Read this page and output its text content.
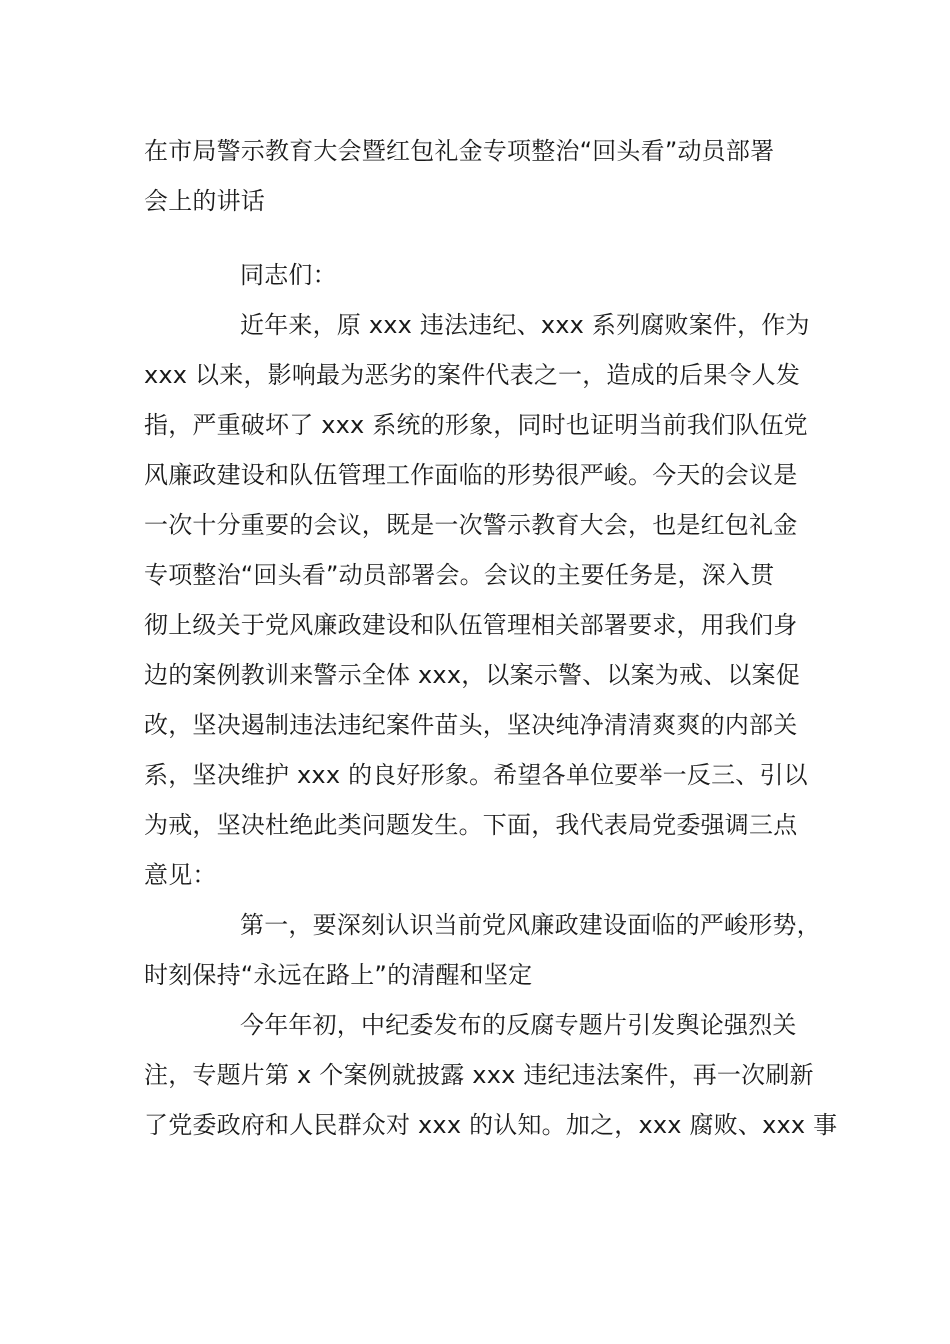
在市局警示教育大会暨红包礼金专项整治“回头看”动员部署
会上的讲话
同志们：
近年来，原 xxx 违法违纪、xxx 系列腐败案件，作为
xxx 以来，影响最为恶劣的案件代表之一，造成的后果令人发
指，严重破坏了 xxx 系统的形象，同时也证明当前我们队伍党
风廉政建设和队伍管理工作面临的形势很严峻。今天的会议是
一次十分重要的会议，既是一次警示教育大会，也是红包礼金
专项整治“回头看”动员部署会。会议的主要任务是，深入贯
彻上级关于党风廉政建设和队伍管理相关部署要求，用我们身
边的案例教训来警示全体 xxx，以案示警、以案为戒、以案促
改，坚决遏制违法违纪案件苗头，坚决纯净清清爽爽的内部关
系，坚决维护 xxx 的良好形象。希望各单位要举一反三、引以
为戒，坚决杜绝此类问题发生。下面，我代表局党委强调三点
意见：
第一，要深刻认识当前党风廉政建设面临的严峻形势，
时刻保持“永远在路上”的清醒和坚定
今年年初，中纪委发布的反腐专题片引发舆论强烈关
注，专题片第 x 个案例就披露 xxx 违纪违法案件，再一次刷新
了党委政府和人民群众对 xxx 的认知。加之，xxx 腐败、xxx 事
